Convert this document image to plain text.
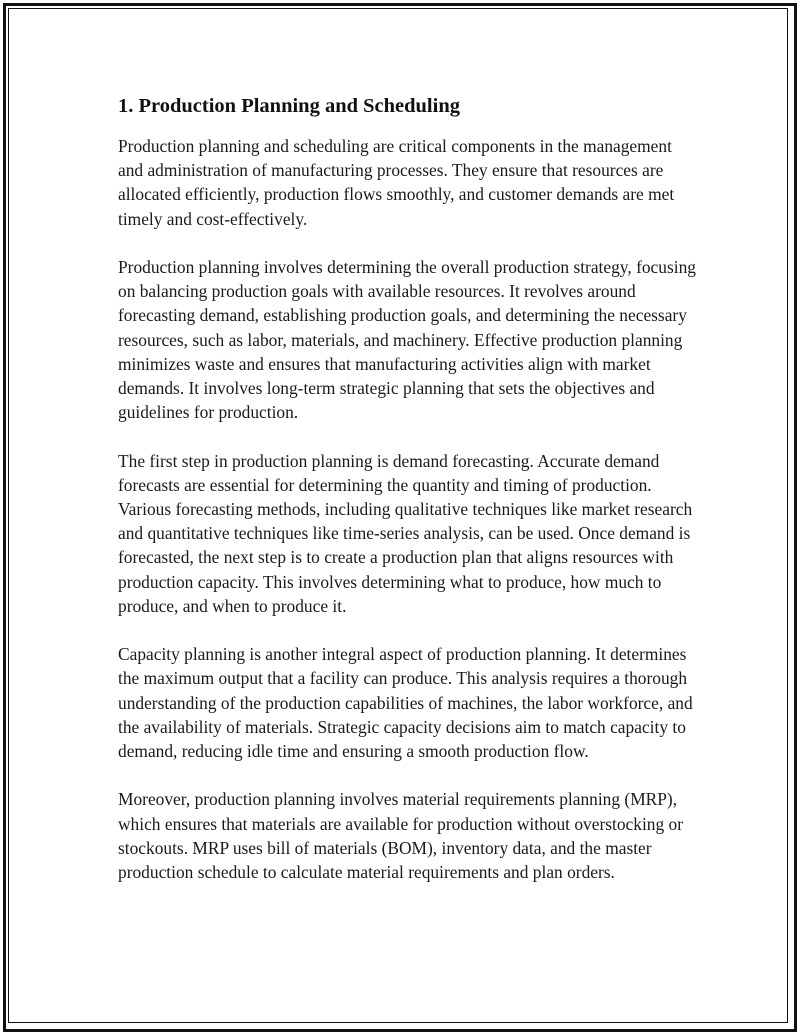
1. Production Planning and Scheduling

Production planning and scheduling are critical components in the management and administration of manufacturing processes. They ensure that resources are allocated efficiently, production flows smoothly, and customer demands are met timely and cost-effectively.

Production planning involves determining the overall production strategy, focusing on balancing production goals with available resources. It revolves around forecasting demand, establishing production goals, and determining the necessary resources, such as labor, materials, and machinery. Effective production planning minimizes waste and ensures that manufacturing activities align with market demands. It involves long-term strategic planning that sets the objectives and guidelines for production.

The first step in production planning is demand forecasting. Accurate demand forecasts are essential for determining the quantity and timing of production. Various forecasting methods, including qualitative techniques like market research and quantitative techniques like time-series analysis, can be used. Once demand is forecasted, the next step is to create a production plan that aligns resources with production capacity. This involves determining what to produce, how much to produce, and when to produce it.

Capacity planning is another integral aspect of production planning. It determines the maximum output that a facility can produce. This analysis requires a thorough understanding of the production capabilities of machines, the labor workforce, and the availability of materials. Strategic capacity decisions aim to match capacity to demand, reducing idle time and ensuring a smooth production flow.

Moreover, production planning involves material requirements planning (MRP), which ensures that materials are available for production without overstocking or stockouts. MRP uses bill of materials (BOM), inventory data, and the master production schedule to calculate material requirements and plan orders.
